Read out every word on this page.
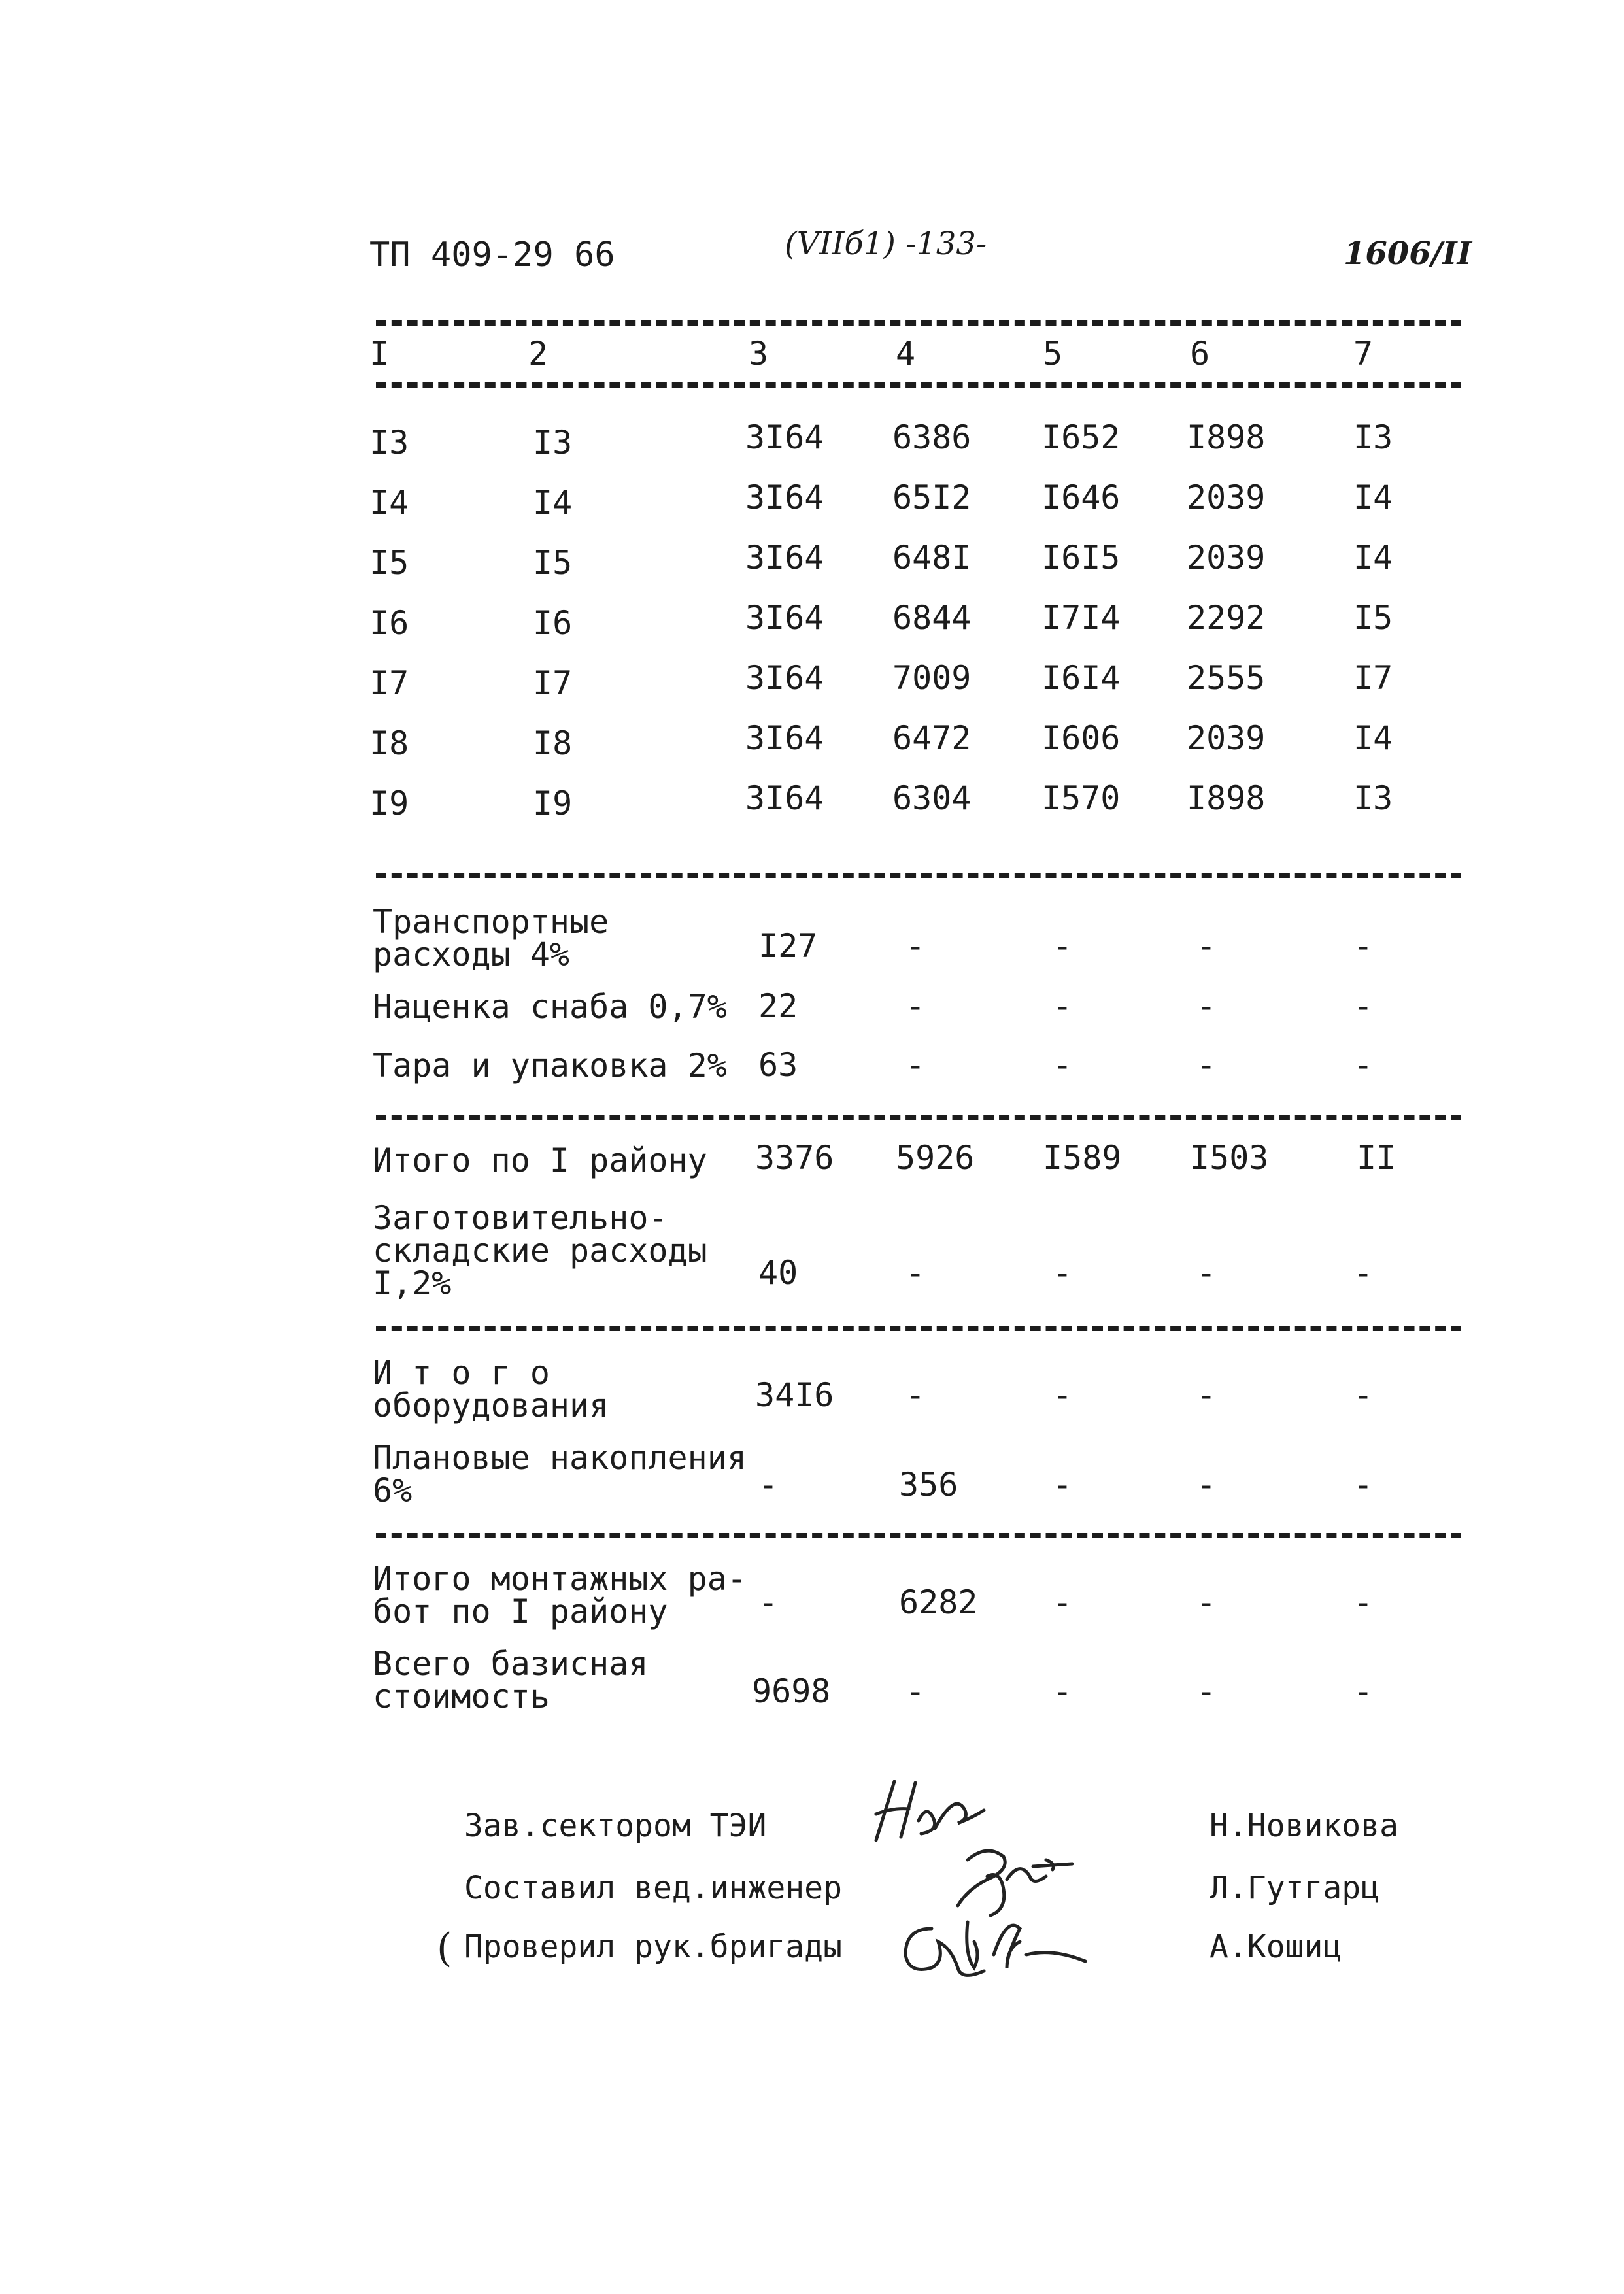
ТП 409-29 66	(VIIб1) -133-	1606/II
I	2	3	4	5	6	7
I3	I3	3I64 6386 I652 I898	I3
I4	I4	3I64 65I2 I646 2039	I4
I5	I5	3I64 648I I6I5 2039	I4
I6	I6	3I64 6844 I7I4 2292	I5
I7	I7	3I64 7009 I6I4 2555	I7
I8	I8	3I64 6472 I606 2039	I4
I9	I9	3I64 6304 I570 I898	I3
Транспортные
расходы 4%	I27	-	-	-	-
Наценка снаба 0,7% 22	-	-	-	-
Тара и упаковка 2% 63	-	-	-	-
Итого по I району 3376 5926 I589 I503	II
Заготовительно-
складские расходы
I,2%	40	-	-	-	-
И т о г о
оборудования	34I6 -	-	-	-
Плановые накопления
6%	-	356	-	-	-
Итого монтажных ра-
бот по I району	-	6282 -	-	-
Всего базисная
стоимость	9698 -	-	-	-
Зав.сектором ТЭИ	Н.Новикова
Составил вед.инженер	Л.Гутгарц
( Проверил рук.бригады	А.Кошиц
